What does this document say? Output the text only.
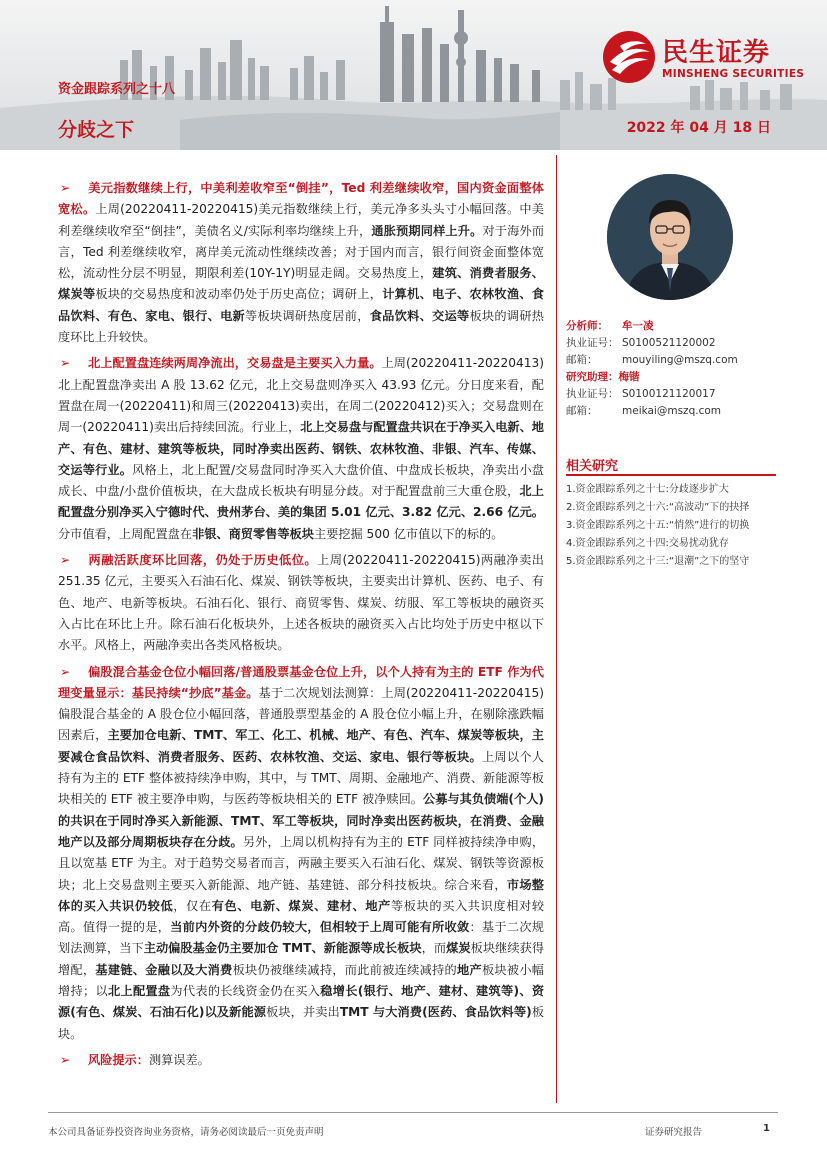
资金跟踪系列之十八
分歧之下	2022 年 04 月 18 日
民生证券
MINSHENG SECURITIES

➢ 美元指数继续上行，中美利差收窄至“倒挂”，Ted 利差继续收窄，国内资金面整体宽松。上周(20220411-20220415)美元指数继续上行，美元净多头头寸小幅回落。中美利差继续收窄至“倒挂”，美债名义/实际利率均继续上升，通胀预期同样上升。对于海外而言，Ted 利差继续收窄，离岸美元流动性继续改善；对于国内而言，银行间资金面整体宽松，流动性分层不明显，期限利差(10Y-1Y)明显走阔。交易热度上，建筑、消费者服务、煤炭等板块的交易热度和波动率仍处于历史高位；调研上，计算机、电子、农林牧渔、食品饮料、有色、家电、银行、电新等板块调研热度居前，食品饮料、交运等板块的调研热度环比上升较快。

➢ 北上配置盘连续两周净流出，交易盘是主要买入力量。上周(20220411-20220413)北上配置盘净卖出 A 股 13.62 亿元，北上交易盘则净买入 43.93 亿元。分日度来看，配置盘在周一(20220411)和周三(20220413)卖出，在周二(20220412)买入；交易盘则在周一(20220411)卖出后持续回流。行业上，北上交易盘与配置盘共识在于净买入电新、地产、有色、建材、建筑等板块，同时净卖出医药、钢铁、农林牧渔、非银、汽车、传媒、交运等行业。风格上，北上配置/交易盘同时净买入大盘价值、中盘成长板块，净卖出小盘成长、中盘/小盘价值板块，在大盘成长板块有明显分歧。对于配置盘前三大重仓股，北上配置盘分别净买入宁德时代、贵州茅台、美的集团 5.01 亿元、3.82 亿元、2.66 亿元。分市值看，上周配置盘在非银、商贸零售等板块主要挖掘 500 亿市值以下的标的。

➢ 两融活跃度环比回落，仍处于历史低位。上周(20220411-20220415)两融净卖出 251.35 亿元，主要买入石油石化、煤炭、钢铁等板块，主要卖出计算机、医药、电子、有色、地产、电新等板块。石油石化、银行、商贸零售、煤炭、纺服、军工等板块的融资买入占比在环比上升。除石油石化板块外，上述各板块的融资买入占比均处于历史中枢以下水平。风格上，两融净卖出各类风格板块。

➢ 偏股混合基金仓位小幅回落/普通股票基金仓位上升，以个人持有为主的 ETF 作为代理变量显示：基民持续“抄底”基金。基于二次规划法测算：上周(20220411-20220415)偏股混合基金的 A 股仓位小幅回落，普通股票型基金的 A 股仓位小幅上升，在剔除涨跌幅因素后，主要加仓电新、TMT、军工、化工、机械、地产、有色、汽车、煤炭等板块，主要减仓食品饮料、消费者服务、医药、农林牧渔、交运、家电、银行等板块。上周以个人持有为主的 ETF 整体被持续净申购，其中，与 TMT、周期、金融地产、消费、新能源等板块相关的 ETF 被主要净申购，与医药等板块相关的 ETF 被净赎回。公募与其负债端(个人)的共识在于同时净买入新能源、TMT、军工等板块，同时净卖出医药板块，在消费、金融地产以及部分周期板块存在分歧。另外，上周以机构持有为主的 ETF 同样被持续净申购，且以宽基 ETF 为主。对于趋势交易者而言，两融主要买入石油石化、煤炭、钢铁等资源板块；北上交易盘则主要买入新能源、地产链、基建链、部分科技板块。综合来看，市场整体的买入共识仍较低，仅在有色、电新、煤炭、建材、地产等板块的买入共识度相对较高。值得一提的是，当前内外资的分歧仍较大，但相较于上周可能有所收敛：基于二次规划法测算，当下主动偏股基金仍主要加仓 TMT、新能源等成长板块，而煤炭板块继续获得增配，基建链、金融以及大消费板块仍被继续减持，而此前被连续减持的地产板块被小幅增持；以北上配置盘为代表的长线资金仍在买入稳增长(银行、地产、建材、建筑等)、资源(有色、煤炭、石油石化)以及新能源板块，并卖出TMT 与大消费(医药、食品饮料等)板块。

➢ 风险提示：测算误差。

分析师：	牟一凌
执业证号： S0100521120002
邮箱：	mouyiling@mszq.com
研究助理： 梅锴
执业证号： S0100121120017
邮箱：	meikai@mszq.com
相关研究
1.资金跟踪系列之十七:分歧逐步扩大
2.资金跟踪系列之十六:“高波动”下的抉择
3.资金跟踪系列之十五:“悄然”进行的切换
4.资金跟踪系列之十四:交易扰动犹存
5.资金跟踪系列之十三:“退潮”之下的坚守
本公司具备证券投资咨询业务资格，请务必阅读最后一页免责声明	证券研究报告	1
